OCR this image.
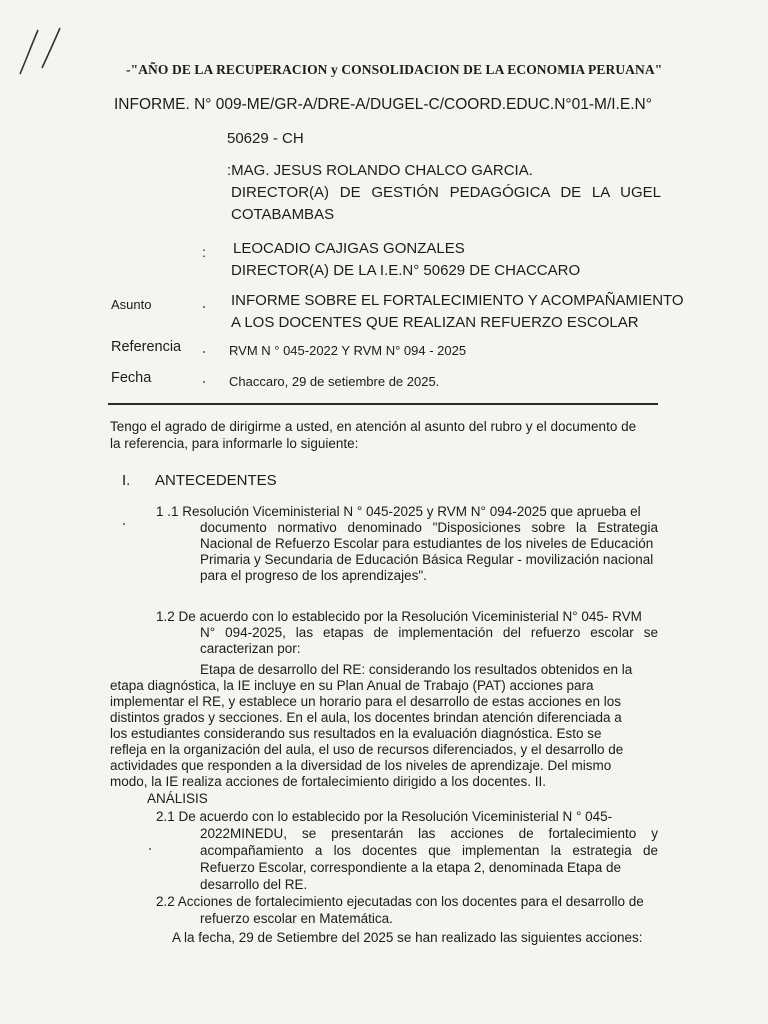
-"AÑO DE LA RECUPERACION y CONSOLIDACION DE LA ECONOMIA PERUANA"
INFORME. N° 009-ME/GR-A/DRE-A/DUGEL-C/COORD.EDUC.N°01-M/I.E.N°
50629 - CH
:MAG. JESUS ROLANDO CHALCO GARCIA.
DIRECTOR(A) DE GESTIÓN PEDAGÓGICA DE LA UGEL
COTABAMBAS
: LEOCADIO CAJIGAS GONZALES
DIRECTOR(A) DE LA I.E.N° 50629 DE CHACCARO
Asunto	INFORME SOBRE EL FORTALECIMIENTO Y ACOMPAÑAMIENTO
A LOS DOCENTES QUE REALIZAN REFUERZO ESCOLAR
Referencia	RVM N ° 045-2022 Y RVM N° 094 - 2025
Fecha	Chaccaro, 29 de setiembre de 2025.
Tengo el agrado de dirigirme a usted, en atención al asunto del rubro y el documento de
la referencia, para informarle lo siguiente:
I. ANTECEDENTES
1 .1 Resolución Viceministerial N ° 045-2025 y RVM N° 094-2025 que aprueba el
documento normativo denominado "Disposiciones sobre la Estrategia
Nacional de Refuerzo Escolar para estudiantes de los niveles de Educación
Primaria y Secundaria de Educación Básica Regular - movilización nacional
para el progreso de los aprendizajes".
1.2 De acuerdo con lo establecido por la Resolución Viceministerial N° 045- RVM
N° 094-2025, las etapas de implementación del refuerzo escolar se
caracterizan por:
Etapa de desarrollo del RE: considerando los resultados obtenidos en la
etapa diagnóstica, la IE incluye en su Plan Anual de Trabajo (PAT) acciones para
implementar el RE, y establece un horario para el desarrollo de estas acciones en los
distintos grados y secciones. En el aula, los docentes brindan atención diferenciada a
los estudiantes considerando sus resultados en la evaluación diagnóstica. Esto se
refleja en la organización del aula, el uso de recursos diferenciados, y el desarrollo de
actividades que responden a la diversidad de los niveles de aprendizaje. Del mismo
modo, la IE realiza acciones de fortalecimiento dirigido a los docentes. II.
ANÁLISIS
2.1 De acuerdo con lo establecido por la Resolución Viceministerial N ° 045-
2022MINEDU, se presentarán las acciones de fortalecimiento y
acompañamiento a los docentes que implementan la estrategia de
Refuerzo Escolar, correspondiente a la etapa 2, denominada Etapa de
desarrollo del RE.
2.2 Acciones de fortalecimiento ejecutadas con los docentes para el desarrollo de
refuerzo escolar en Matemática.
A la fecha, 29 de Setiembre del 2025 se han realizado las siguientes acciones:
